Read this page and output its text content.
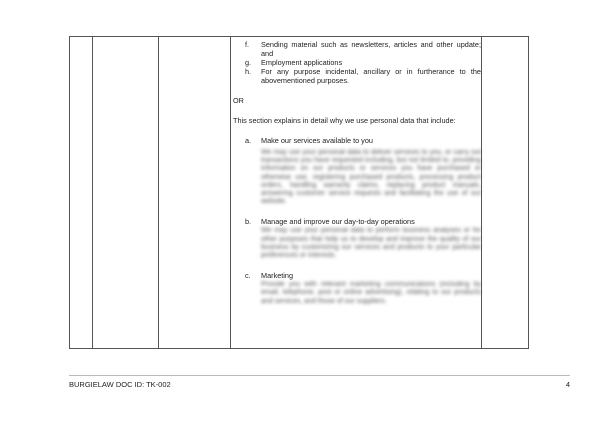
f.	Sending material such as newsletters, articles and other update; and
g.	Employment applications
h.	For any purpose incidental, ancillary or in furtherance to the abovementioned purposes.
OR
This section explains in detail why we use personal data that include:
a.	Make our services available to you
We may use your personal data to deliver services to you, or carry out transactions you have requested including, but not limited to, providing information on our products or services you have purchased or otherwise use, registering purchased products, processing product orders, handling warranty claims, replacing product manuals, answering customer service requests and facilitating the use of our website.
b.	Manage and improve our day-to-day operations
We may use your personal data to perform business analyses or for other purposes that help us to develop and improve the quality of our business by customizing our services and products to your particular preferences or interests.
c.	Marketing
Provide you with relevant marketing communications (including by email, telephone, post or online advertising), relating to our products and services, and those of our suppliers.
BURGIELAW DOC ID: TK-002	4
